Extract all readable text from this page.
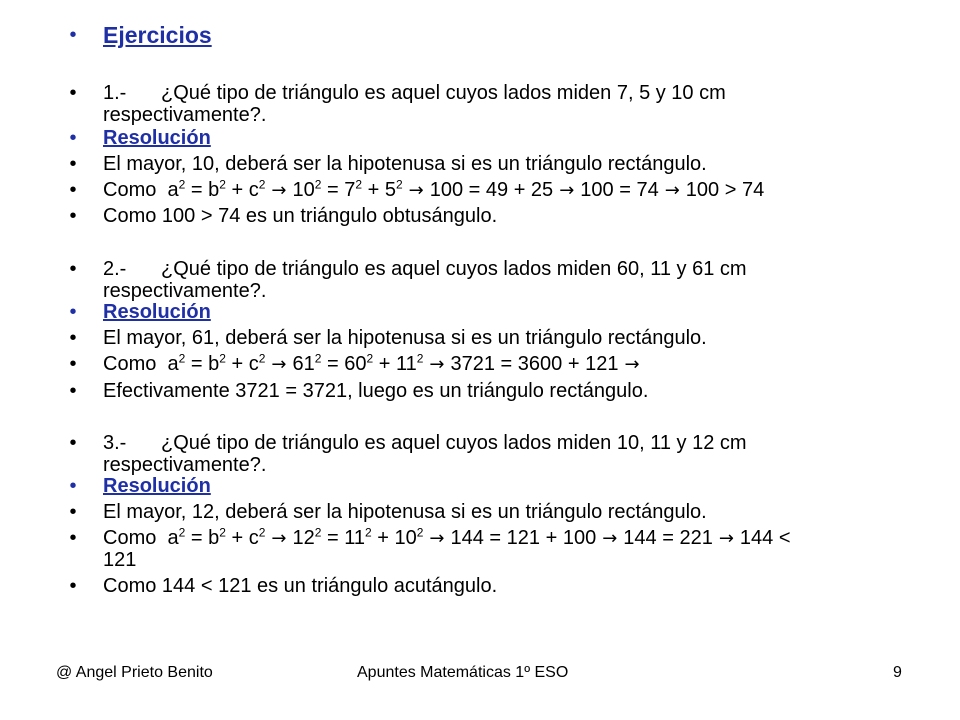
• Ejercicios
• 1.- ¿Qué tipo de triángulo es aquel cuyos lados miden 7, 5 y 10 cm
respectivamente?.
• Resolución
• El mayor, 10, deberá ser la hipotenusa si es un triángulo rectángulo.
• Como  $a^2 = b^2 + c^2 \to 10^2 = 7^2 + 5^2 \to 100 = 49 + 25 \to 100 = 74 \to 100 > 74$
• Como 100 > 74 es un triángulo obtusángulo.
• 2.- ¿Qué tipo de triángulo es aquel cuyos lados miden 60, 11 y 61 cm
respectivamente?.
• Resolución
• El mayor, 61, deberá ser la hipotenusa si es un triángulo rectángulo.
• Como  $a^2 = b^2 + c^2 \to 61^2 = 60^2 + 11^2 \to 3721 = 3600 + 121$ →
• Efectivamente 3721 = 3721, luego es un triángulo rectángulo.
• 3.- ¿Qué tipo de triángulo es aquel cuyos lados miden 10, 11 y 12 cm
respectivamente?.
• Resolución
• El mayor, 12, deberá ser la hipotenusa si es un triángulo rectángulo.
• Como  $a^2 = b^2 + c^2 \to 12^2 = 11^2 + 10^2 \to 144 = 121 + 100 \to 144 = 221 \to 144$ <
121
• Como 144 < 121 es un triángulo acutángulo.
@ Angel Prieto Benito	Apuntes Matemáticas 1º ESO	9
